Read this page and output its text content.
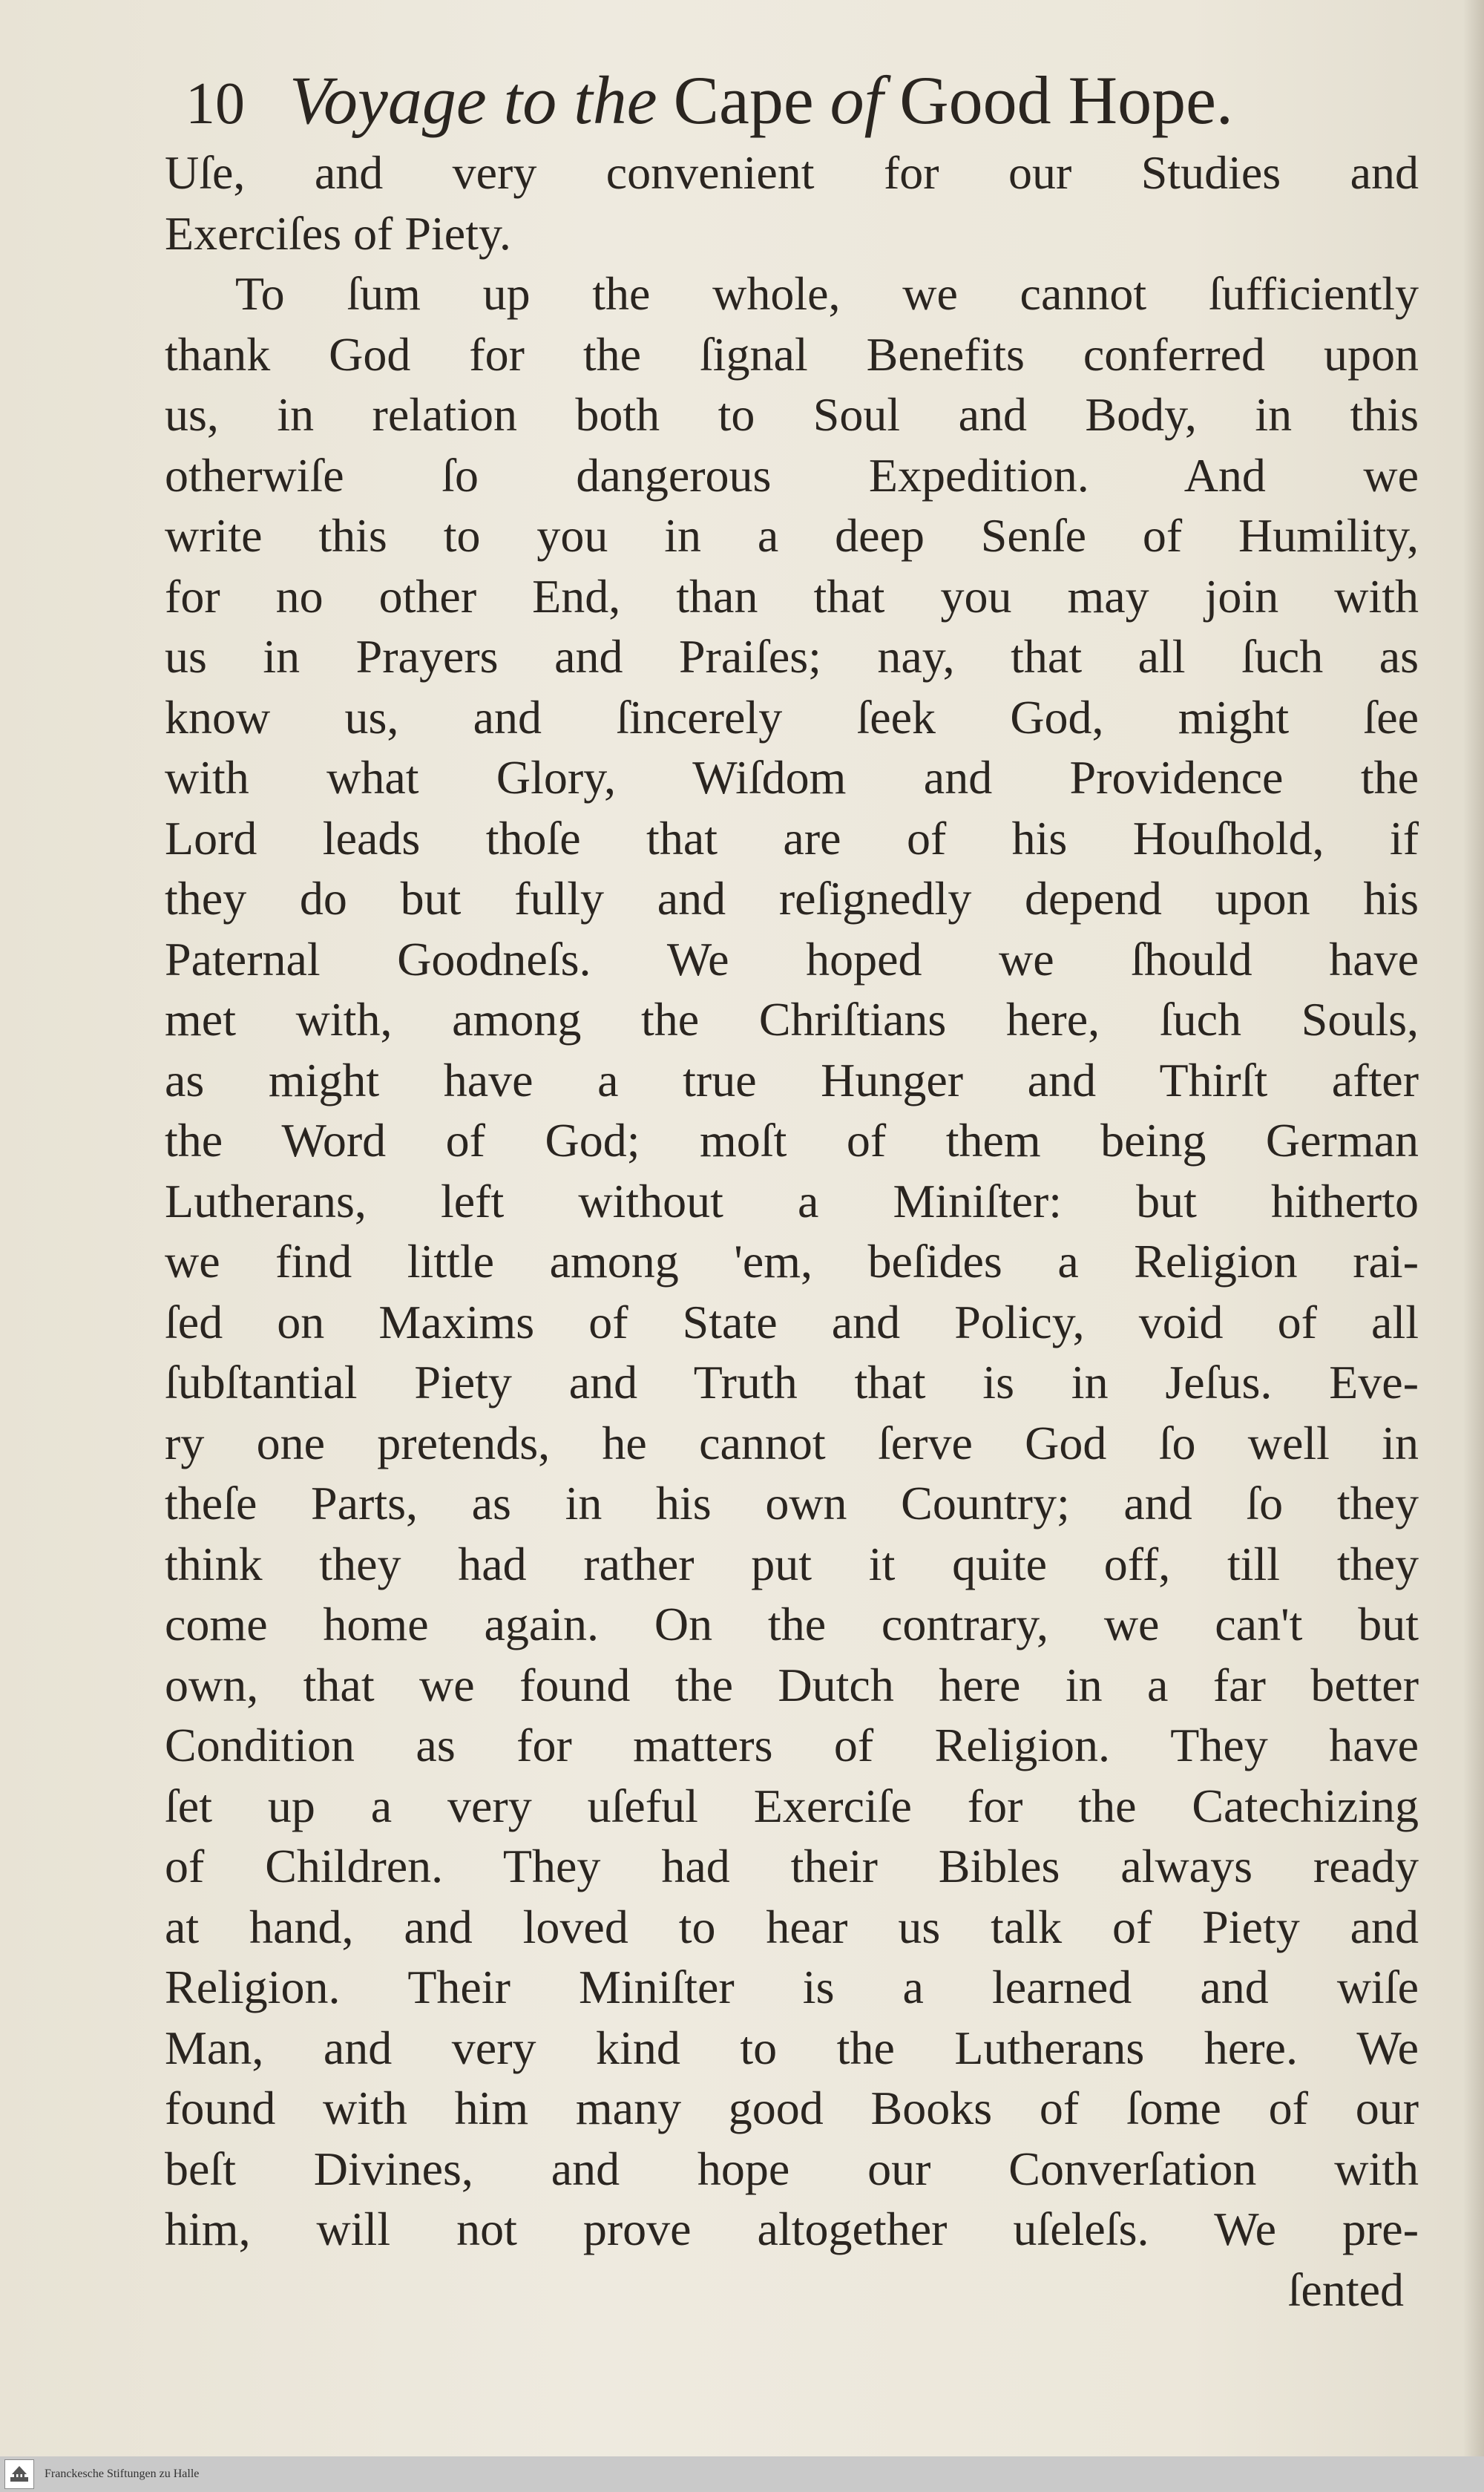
10 Voyage to the Cape of Good Hope.
Uſe, and very convenient for our Studies and
Exerciſes of Piety.
To ſum up the whole, we cannot ſufficiently
thank God for the ſignal Benefits conferred upon
us, in relation both to Soul and Body, in this
otherwiſe ſo dangerous Expedition. And we
write this to you in a deep Senſe of Humility,
for no other End, than that you may join with
us in Prayers and Praiſes; nay, that all ſuch as
know us, and ſincerely ſeek God, might ſee
with what Glory, Wiſdom and Providence the
Lord leads thoſe that are of his Houſhold, if
they do but fully and reſignedly depend upon his
Paternal Goodneſs. We hoped we ſhould have
met with, among the Chriſtians here, ſuch Souls,
as might have a true Hunger and Thirſt after
the Word of God; moſt of them being German
Lutherans, left without a Miniſter: but hitherto
we find little among 'em, beſides a Religion rai-
ſed on Maxims of State and Policy, void of all
ſubſtantial Piety and Truth that is in Jeſus. Eve-
ry one pretends, he cannot ſerve God ſo well in
theſe Parts, as in his own Country; and ſo they
think they had rather put it quite off, till they
come home again. On the contrary, we can't but
own, that we found the Dutch here in a far better
Condition as for matters of Religion. They have
ſet up a very uſeful Exerciſe for the Catechizing
of Children. They had their Bibles always ready
at hand, and loved to hear us talk of Piety and
Religion. Their Miniſter is a learned and wiſe
Man, and very kind to the Lutherans here. We
found with him many good Books of ſome of our
beſt Divines, and hope our Converſation with
him, will not prove altogether uſeleſs. We pre-
ſented
Franckesche Stiftungen zu Halle
